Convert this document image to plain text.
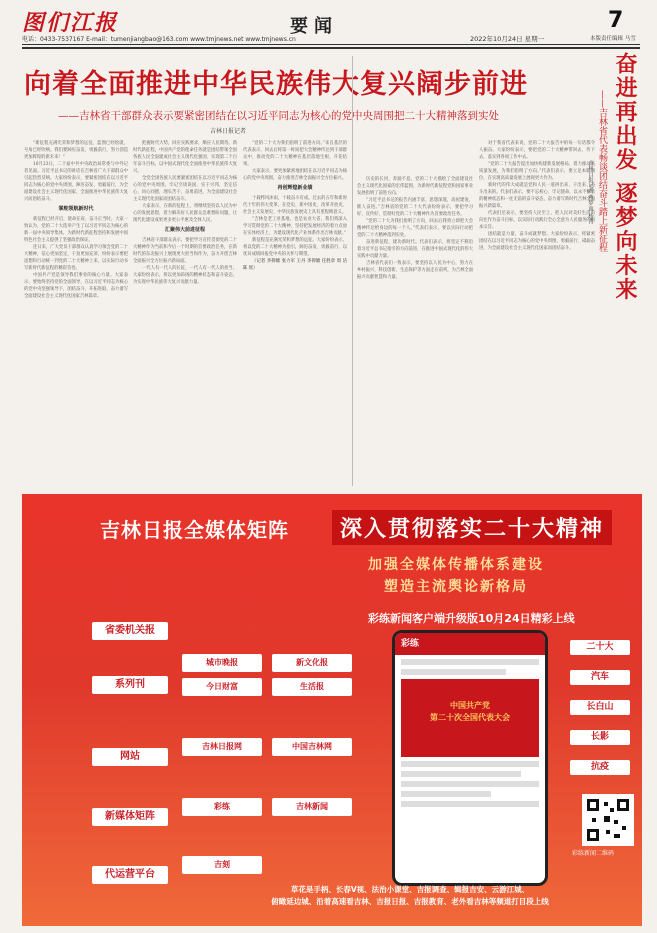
图们江报	要闻	7
电话：0433-7537167 E-mail：tumenjiangbao@163.com www.tmjnews.net www.tmjnews.cn	2022年10月24日 星期一	本版责任编辑 马雪
向着全面推进中华民族伟大复兴阔步前进
——吉林省干部群众表示要紧密团结在以习近平同志为核心的党中央周围把二十大精神落到实处
吉林日报记者

“新征程充满光荣和梦想的远征，蓝图已经绘就，号角已经吹响。我们要踔厉奋发、勇毅前行，努力创造更加辉煌的新未来！”

10月23日，二十届中共中央政治局常委与中外记者见面。习近平总书记的讲话在吉林省广大干部群众中引起热烈反响。大家纷纷表示，要紧密团结在以习近平同志为核心的党中央周围，踔厉奋发、勇毅前行，为全面建设社会主义现代化国家、全面推进中华民族伟大复兴而团结奋斗。

掌舵领航新时代

新征程已经开启，使命在肩，奋斗正当时。大家一致认为，党的二十大选举产生了以习近平同志为核心的新一届中央领导集体，为新时代新征程坚持和发展中国特色社会主义提供了坚强政治保证。

连日来，广大党员干部群众认真学习领会党的二十大精神，信心更加坚定，干劲更加充沛，纷纷表示要把思想和行动统一到党的二十大精神上来，以实际行动书写新时代新征程的精彩答卷。

中国共产党是领导我们事业的核心力量。大家表示，要始终坚持党的全面领导，在以习近平同志为核心的党中央坚强领导下，团结奋斗、开拓进取，奋力谱写全面建设社会主义现代化国家吉林篇章。

把握时代大势，回应实践要求，顺应人民期待。新时代新征程，中国共产党的使命任务就是团结带领全国各族人民全面建成社会主义现代化强国、实现第二个百年奋斗目标，以中国式现代化全面推进中华民族伟大复兴。

全党全国各族人民要紧密团结在以习近平同志为核心的党中央周围，牢记空谈误国、实干兴邦，坚定信心、同心同德，埋头苦干、奋勇前进，为全面建设社会主义现代化国家而团结奋斗。

大家表示，在新的征程上，将继续坚持以人民为中心的发展思想，着力解决好人民群众急难愁盼问题，让现代化建设成果更多更公平惠及全体人民。

汇聚伟大前进征程

吉林省干部群众表示，要把学习宣传贯彻党的二十大精神作为当前和今后一个时期的首要政治任务，在新时代的东北振兴上展现更大担当和作为，奋力开创吉林全面振兴全方位振兴新局面。

一代人有一代人的长征，一代人有一代人的担当。大家纷纷表示，将以更加昂扬的精神状态和奋斗姿态，为实现中华民族伟大复兴贡献力量。

“党的二十大为我们指明了前进方向。”来自基层的代表表示，回去后将第一时间把大会精神传达到干部群众中，推动党的二十大精神在基层落地生根、开花结果。

大家表示，要更加紧密地团结在以习近平同志为核心的党中央周围，奋力推进吉林全面振兴全方位振兴。

再创辉煌新业绩

十载栉风沐雨，十载奋斗有成。过去的五年和新时代十年的伟大变革，在党史、新中国史、改革开放史、社会主义发展史、中华民族发展史上具有里程碑意义。

“吉林是老工业基地，也是农业大省，我们将深入学习贯彻党的二十大精神，坚持把发展经济的着力点放在实体经济上，为建设现代化产业体系作出吉林贡献。”

新征程是充满光荣和梦想的远征。大家纷纷表示，将以党的二十大精神为指引，踔厉奋发、勇毅前行，以优异成绩回报党中央的关怀与期望。

（记者 李抑嫱 张力军 王丹 李抑嫱 任胜章 周 洁 陈 瑶）

历史的长河，奔涌不息。党的二十大描绘了全面建设社会主义现代化国家的宏伟蓝图，为新时代新征程党和国家事业发展指明了前进方向。

“习近平总书记的报告内涵丰富、思想深邃，高屋建瓴、催人奋进。”吉林省的党的二十大代表纷纷表示，要把学习好、宣传好、贯彻好党的二十大精神作为首要政治任务。

“党的二十大为我们指明了方向，回去后我将立即把大会精神传达给身边的每一个人。”代表们表示，要以实际行动把党的二十大精神落到实处。

奋进新征程，建功新时代。代表们表示，将坚定不移沿着习近平总书记指引的方向前进，在推进中国式现代化的伟大实践中贡献力量。

吉林省代表们一致表示，要坚持以人民为中心，努力在乡村振兴、科技创新、生态保护等方面走在前列，为吉林全面振兴贡献智慧和力量。

对于我省代表来说，党的二十大报告中的每一句话都令人振奋。大家纷纷表示，要把党的二十大精神带回去、传下去，落实到各项工作中去。

“党的二十大报告提出加快构建新发展格局，着力推动高质量发展，为我们指明了方向。”代表们表示，要立足本职岗位，在实现高质量发展上展现更大作为。

新时代的伟大成就是党和人民一道拼出来、干出来、奋斗出来的。代表们表示，要不忘初心、牢记使命，以永不懈怠的精神状态和一往无前的奋斗姿态，奋力谱写新时代吉林全面振兴新篇章。

代表们还表示，要坚持人民至上，把人民对美好生活的向往作为奋斗目标，以实际行动践行全心全意为人民服务的根本宗旨。

团结就是力量，奋斗成就梦想。大家纷纷表示，将紧密团结在以习近平同志为核心的党中央周围，勇毅前行、砥砺奋进，为全面建设社会主义现代化国家而团结奋斗。	奋进再出发 逐梦向未来
——吉林省代表畅谈团结奋斗踏上新征程
吉林日报记者 曹梦南 杨青
吉林日报全媒体矩阵	深入贯彻落实二十大精神
加强全媒体传播体系建设
塑造主流舆论新格局
彩练新闻客户端升级版10月24日精彩上线
省委机关报
系列刊
网站
新媒体矩阵
代运营平台
城市晚报	新文化报
今日财富	生活报
吉林日报网	中国吉林网
彩练	吉林新闻
吉刻
彩练
中国共产党
第二十次全国代表大会
二十大
汽车
长白山
长影
抗疫
彩练新闻二维码
草花是手柄、长春V视、法治小课堂、吉报调查、辑报吉安、云游江城、
俯瞰延边城、沿着高速看吉林、吉报日报、吉报教育、老外看吉林等频道打目段上线
